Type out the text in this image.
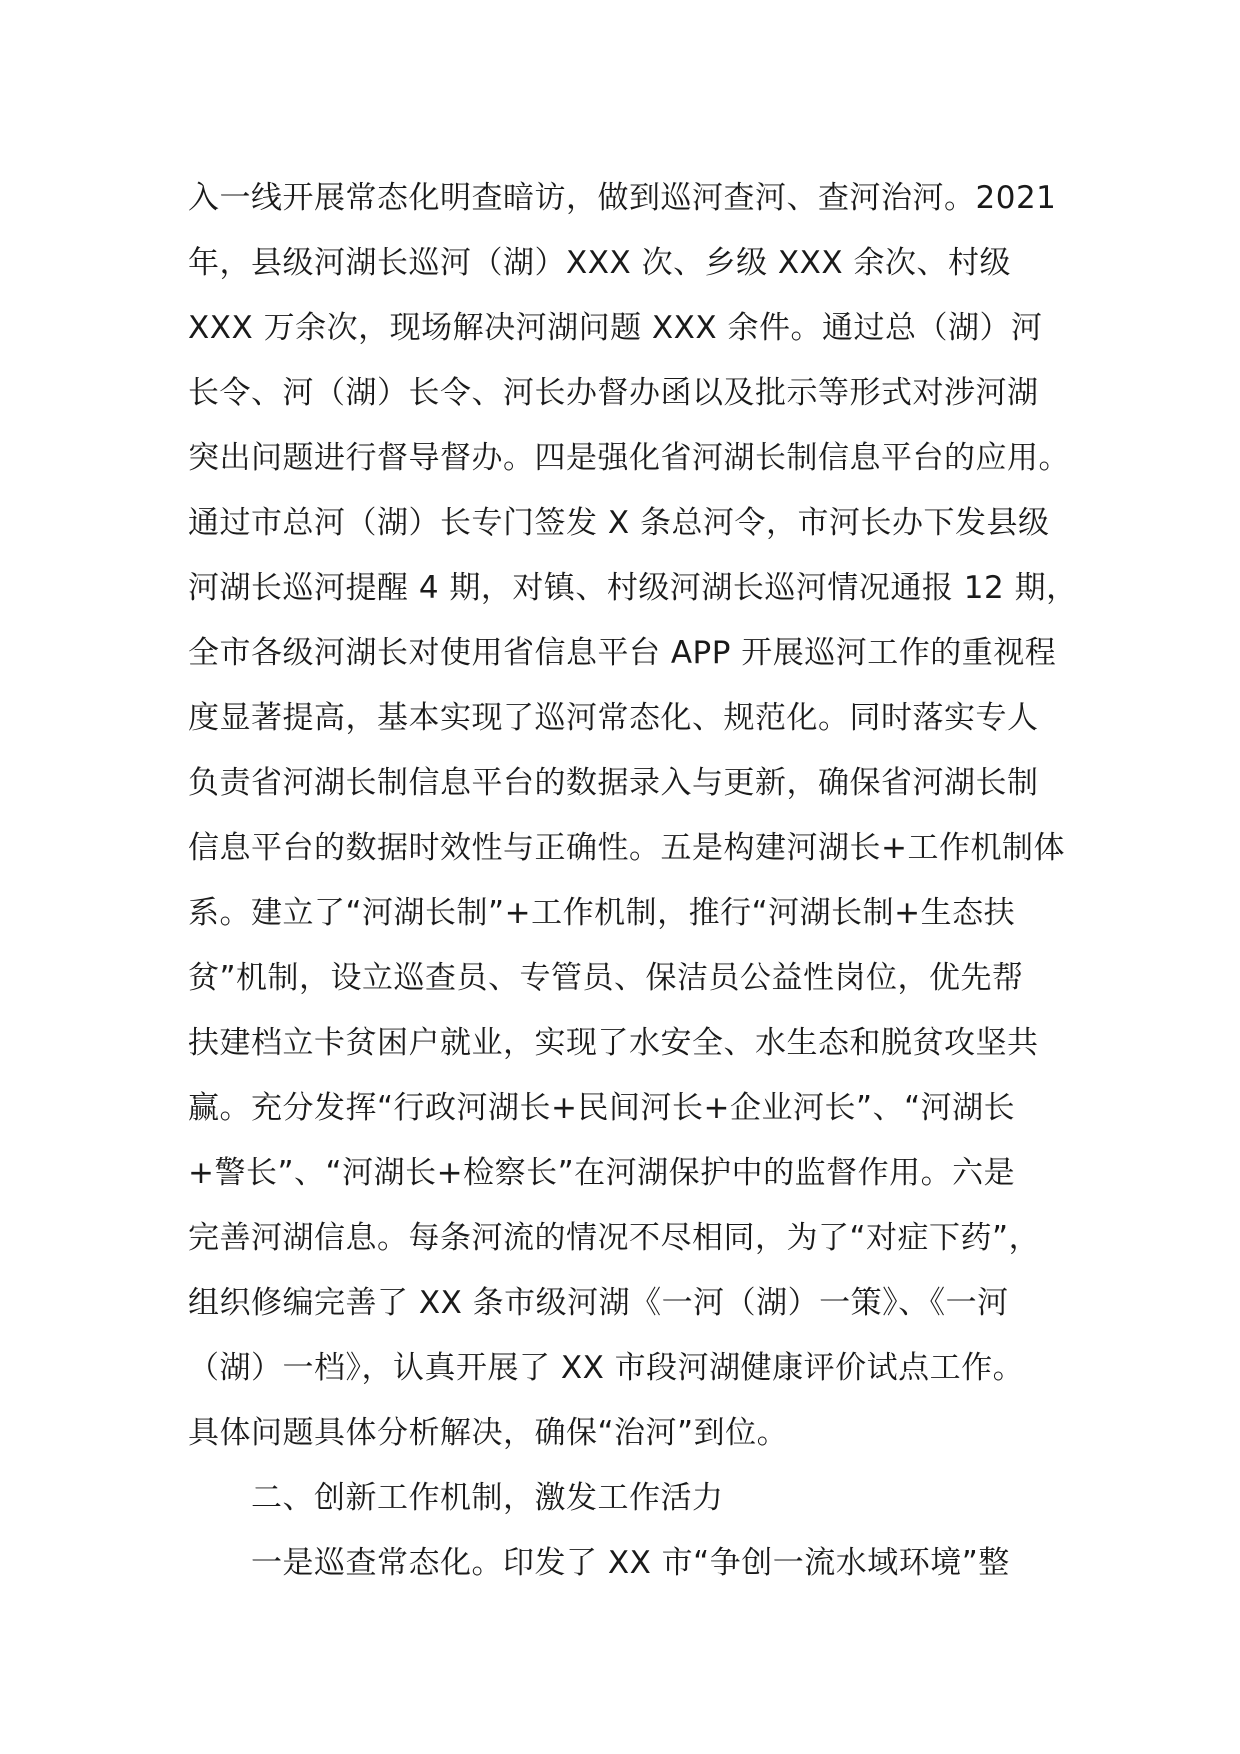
入一线开展常态化明查暗访，做到巡河查河、查河治河。2021
年，县级河湖长巡河（湖）XXX 次、乡级 XXX 余次、村级
XXX 万余次，现场解决河湖问题 XXX 余件。通过总（湖）河
长令、河（湖）长令、河长办督办函以及批示等形式对涉河湖
突出问题进行督导督办。四是强化省河湖长制信息平台的应用。
通过市总河（湖）长专门签发 X 条总河令，市河长办下发县级
河湖长巡河提醒 4 期，对镇、村级河湖长巡河情况通报 12 期，
全市各级河湖长对使用省信息平台 APP 开展巡河工作的重视程
度显著提高，基本实现了巡河常态化、规范化。同时落实专人
负责省河湖长制信息平台的数据录入与更新，确保省河湖长制
信息平台的数据时效性与正确性。五是构建河湖长+工作机制体
系。建立了“河湖长制”+工作机制，推行“河湖长制+生态扶
贫”机制，设立巡查员、专管员、保洁员公益性岗位，优先帮
扶建档立卡贫困户就业，实现了水安全、水生态和脱贫攻坚共
赢。充分发挥“行政河湖长+民间河长+企业河长”、“河湖长
+警长”、“河湖长+检察长”在河湖保护中的监督作用。六是
完善河湖信息。每条河流的情况不尽相同，为了“对症下药”，
组织修编完善了 XX 条市级河湖《一河（湖）一策》、《一河
（湖）一档》，认真开展了 XX 市段河湖健康评价试点工作。
具体问题具体分析解决，确保“治河”到位。
二、创新工作机制，激发工作活力
一是巡查常态化。印发了 XX 市“争创一流水域环境”整
